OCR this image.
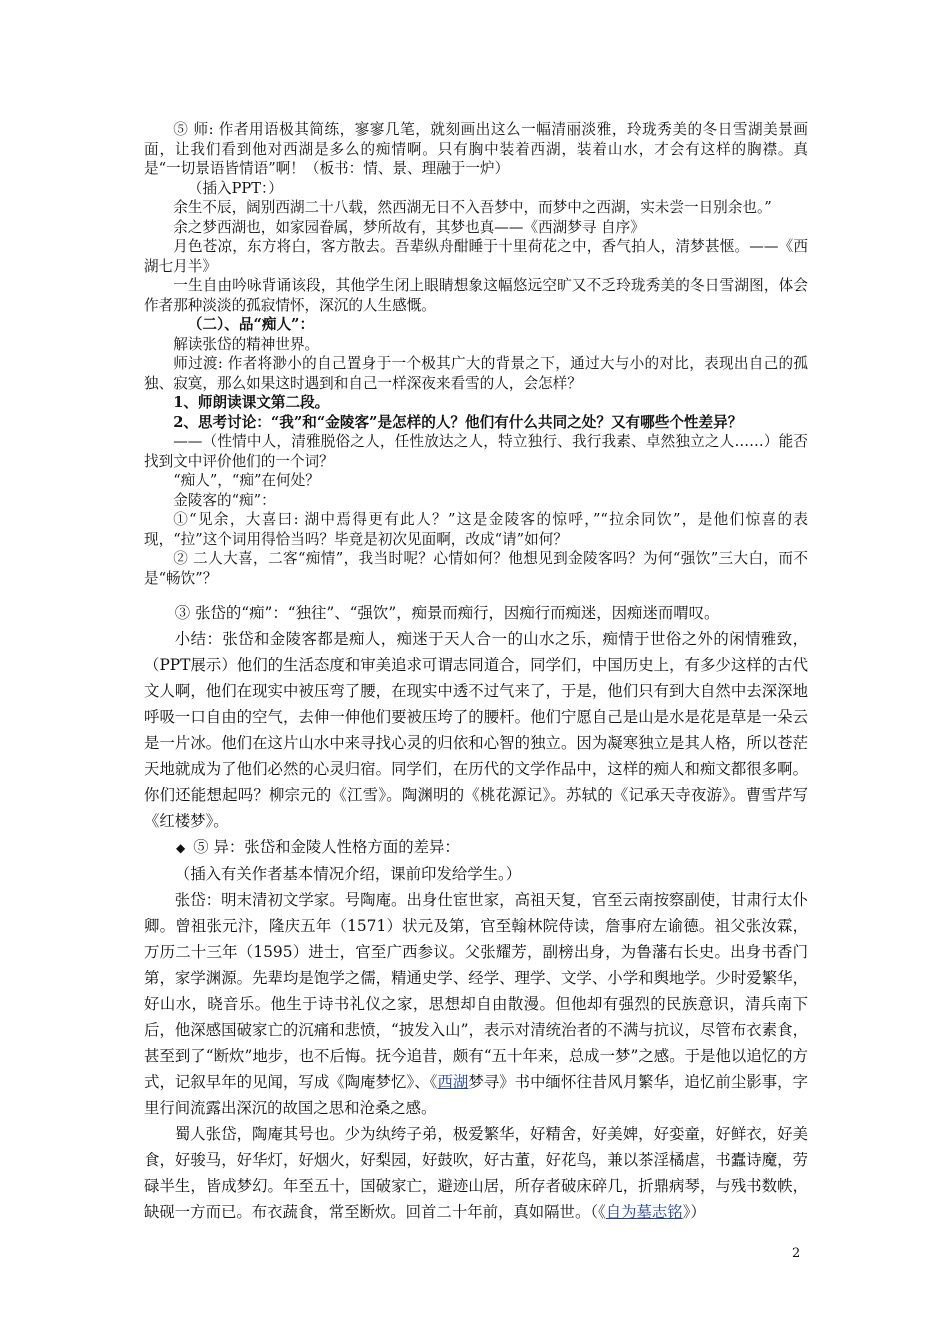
⑤ 师: 作者用语极其简练，寥寥几笔，就刻画出这么一幅清丽淡雅，玲珑秀美的冬日雪湖美景画面，让我们看到他对西湖是多么的痴情啊。只有胸中装着西湖，装着山水，才会有这样的胸襟。真是“一切景语皆情语”啊！（板书：情、景、理融于一炉）

（插入PPT：）

余生不辰，阔别西湖二十八载，然西湖无日不入吾梦中，而梦中之西湖，实未尝一日别余也。”

余之梦西湖也，如家园眷属，梦所故有，其梦也真——《西湖梦寻 自序》

月色苍凉，东方将白，客方散去。吾辈纵舟酣睡于十里荷花之中，香气拍人，清梦甚惬。——《西湖七月半》

一生自由吟咏背诵该段，其他学生闭上眼睛想象这幅悠远空旷又不乏玲珑秀美的冬日雪湖图，体会作者那种淡淡的孤寂情怀，深沉的人生感慨。

（二）、品“痴人”：

解读张岱的精神世界。

师过渡: 作者将渺小的自己置身于一个极其广大的背景之下，通过大与小的对比，表现出自己的孤独、寂寞，那么如果这时遇到和自己一样深夜来看雪的人，会怎样？

1、师朗读课文第二段。

2、思考讨论：“我”和“金陵客”是怎样的人？他们有什么共同之处？又有哪些个性差异？

——（性情中人，清雅脱俗之人，任性放达之人，特立独行、我行我素、卓然独立之人……）能否找到文中评价他们的一个词？

“痴人”，“痴”在何处？

金陵客的“痴”：

①“见余，大喜曰: 湖中焉得更有此人？”这是金陵客的惊呼，”“拉余同饮”，是他们惊喜的表现，“拉”这个词用得恰当吗？毕竟是初次见面啊，改成“请”如何？

② 二人大喜，二客“痴情”，我当时呢？心情如何？他想见到金陵客吗？为何“强饮”三大白，而不是“畅饮”？

③ 张岱的“痴”：“独往”、“强饮”，痴景而痴行，因痴行而痴迷，因痴迷而喟叹。

小结：张岱和金陵客都是痴人，痴迷于天人合一的山水之乐，痴情于世俗之外的闲情雅致，（PPT展示）他们的生活态度和审美追求可谓志同道合，同学们，中国历史上，有多少这样的古代文人啊，他们在现实中被压弯了腰，在现实中透不过气来了，于是，他们只有到大自然中去深深地呼吸一口自由的空气，去伸一伸他们要被压垮了的腰杆。他们宁愿自己是山是水是花是草是一朵云是一片冰。他们在这片山水中来寻找心灵的归依和心智的独立。因为凝寒独立是其人格，所以苍茫天地就成为了他们必然的心灵归宿。同学们，在历代的文学作品中，这样的痴人和痴文都很多啊。你们还能想起吗？柳宗元的《江雪》。陶渊明的《桃花源记》。苏轼的《记承天寺夜游》。曹雪芹写《红楼梦》。

◆ ⑤ 异：张岱和金陵人性格方面的差异：

（插入有关作者基本情况介绍，课前印发给学生。）

张岱：明末清初文学家。号陶庵。出身仕宦世家，高祖天复，官至云南按察副使，甘肃行太仆卿。曾祖张元汴，隆庆五年（1571）状元及第，官至翰林院侍读，詹事府左谕德。祖父张汝霖，万历二十三年（1595）进士，官至广西参议。父张耀芳，副榜出身，为鲁藩右长史。出身书香门第，家学渊源。先辈均是饱学之儒，精通史学、经学、理学、文学、小学和舆地学。少时爱繁华，好山水，晓音乐。他生于诗书礼仪之家，思想却自由散漫。但他却有强烈的民族意识，清兵南下后，他深感国破家亡的沉痛和悲愤，“披发入山”，表示对清统治者的不满与抗议，尽管布衣素食，甚至到了“断炊”地步，也不后悔。抚今追昔，颇有“五十年来，总成一梦”之感。于是他以追忆的方式，记叙早年的见闻，写成《陶庵梦忆》、《西湖梦寻》书中缅怀往昔风月繁华，追忆前尘影事，字里行间流露出深沉的故国之思和沧桑之感。

蜀人张岱，陶庵其号也。少为纨绔子弟，极爱繁华，好精舍，好美婢，好娈童，好鲜衣，好美食，好骏马，好华灯，好烟火，好梨园，好鼓吹，好古董，好花鸟，兼以茶淫橘虐，书蠹诗魔，劳碌半生，皆成梦幻。年至五十，国破家亡，避迹山居，所存者破床碎几，折鼎病琴，与残书数帙，缺砚一方而已。布衣蔬食，常至断炊。回首二十年前，真如隔世。（《自为墓志铭》）

2
